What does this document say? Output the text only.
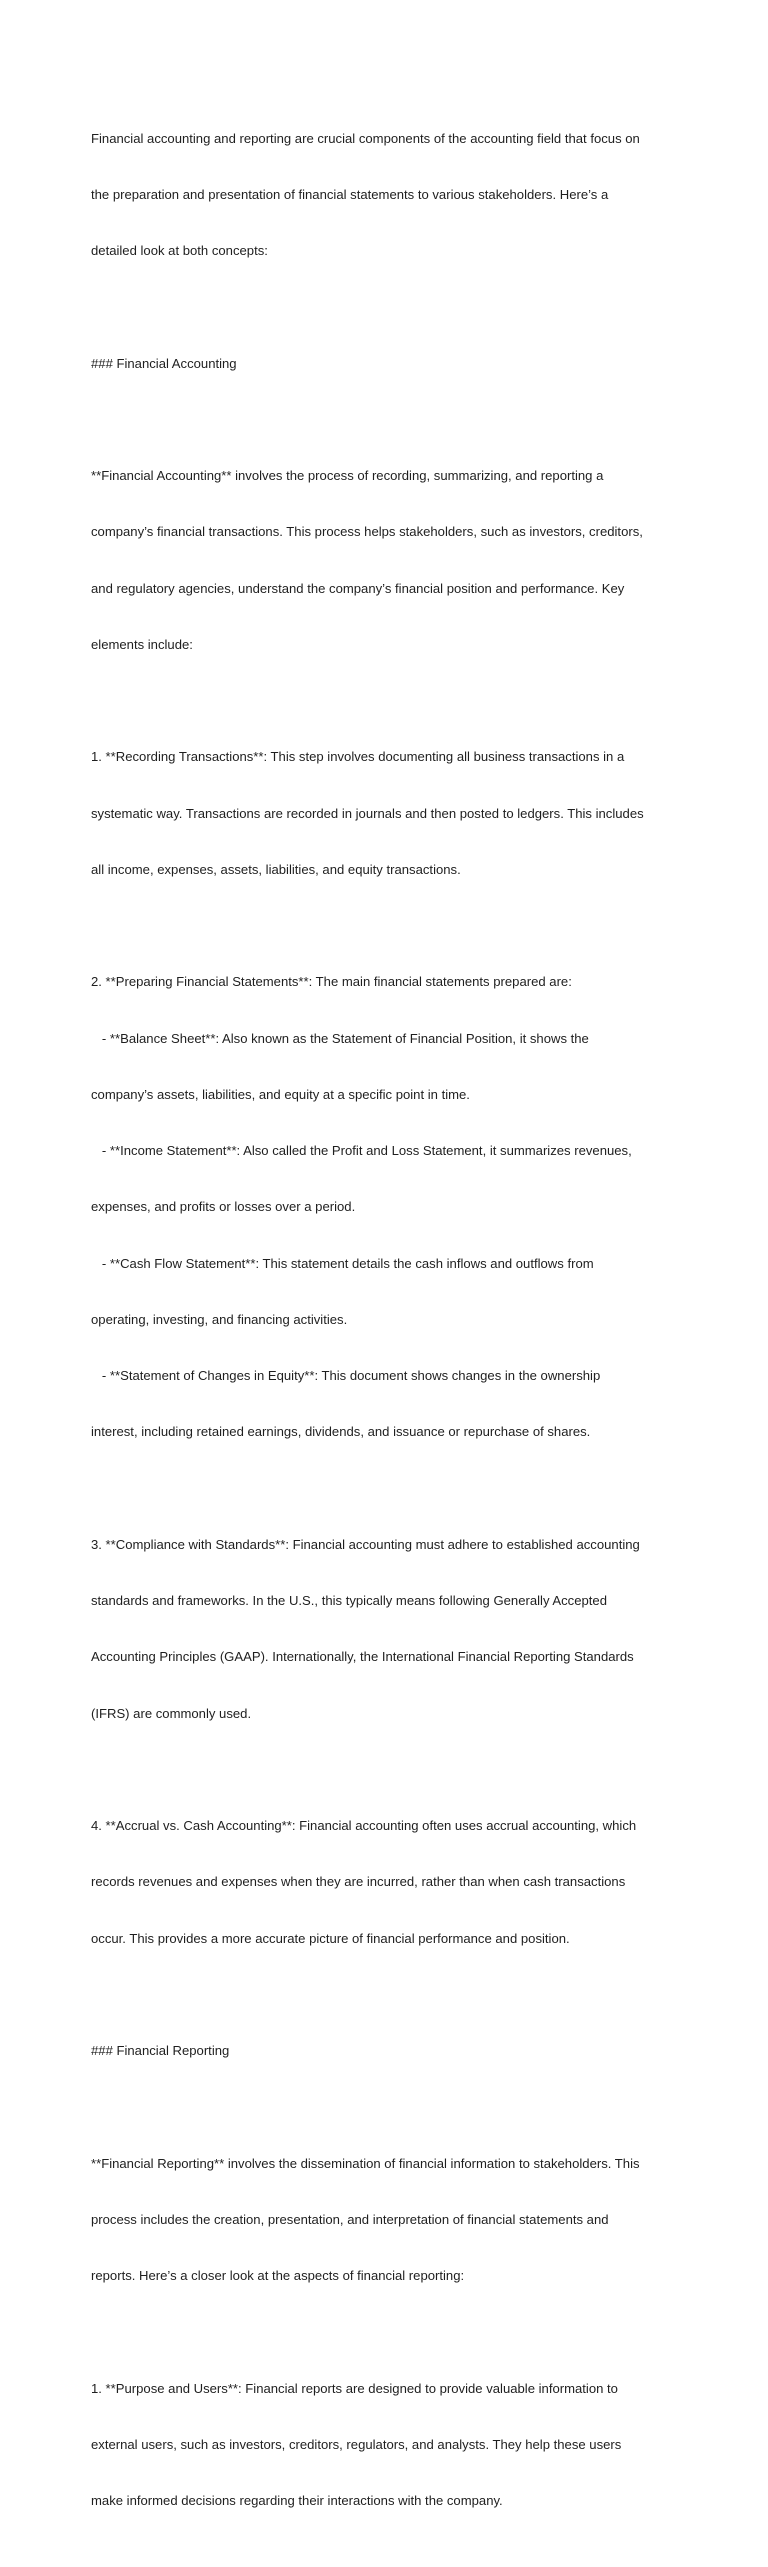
Financial accounting and reporting are crucial components of the accounting field that focus on

the preparation and presentation of financial statements to various stakeholders. Here’s a

detailed look at both concepts:

### Financial Accounting

**Financial Accounting** involves the process of recording, summarizing, and reporting a

company’s financial transactions. This process helps stakeholders, such as investors, creditors,

and regulatory agencies, understand the company’s financial position and performance. Key

elements include:

1. **Recording Transactions**: This step involves documenting all business transactions in a

systematic way. Transactions are recorded in journals and then posted to ledgers. This includes

all income, expenses, assets, liabilities, and equity transactions.

2. **Preparing Financial Statements**: The main financial statements prepared are:

- **Balance Sheet**: Also known as the Statement of Financial Position, it shows the

company’s assets, liabilities, and equity at a specific point in time.

- **Income Statement**: Also called the Profit and Loss Statement, it summarizes revenues,

expenses, and profits or losses over a period.

- **Cash Flow Statement**: This statement details the cash inflows and outflows from

operating, investing, and financing activities.

- **Statement of Changes in Equity**: This document shows changes in the ownership

interest, including retained earnings, dividends, and issuance or repurchase of shares.

3. **Compliance with Standards**: Financial accounting must adhere to established accounting

standards and frameworks. In the U.S., this typically means following Generally Accepted

Accounting Principles (GAAP). Internationally, the International Financial Reporting Standards

(IFRS) are commonly used.

4. **Accrual vs. Cash Accounting**: Financial accounting often uses accrual accounting, which

records revenues and expenses when they are incurred, rather than when cash transactions

occur. This provides a more accurate picture of financial performance and position.

### Financial Reporting

**Financial Reporting** involves the dissemination of financial information to stakeholders. This

process includes the creation, presentation, and interpretation of financial statements and

reports. Here’s a closer look at the aspects of financial reporting:

1. **Purpose and Users**: Financial reports are designed to provide valuable information to

external users, such as investors, creditors, regulators, and analysts. They help these users

make informed decisions regarding their interactions with the company.
